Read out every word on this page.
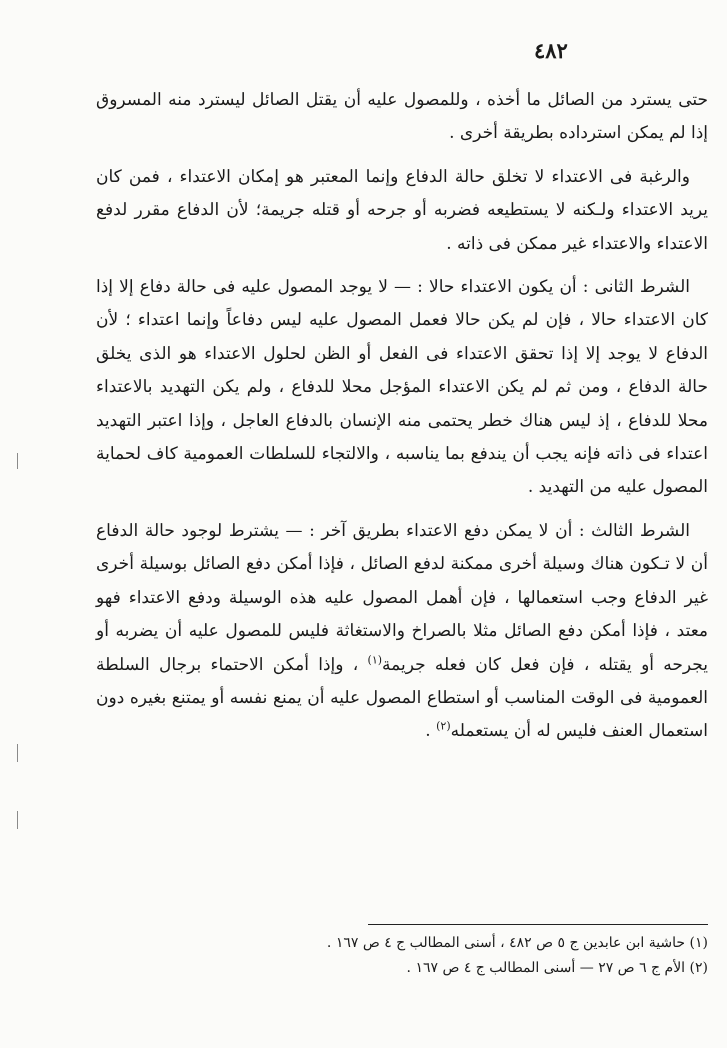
٤٨٢

حتى يسترد من الصائل ما أخذه ، وللمصول عليه أن يقتل الصائل ليسترد منه المسروق إذا لم يمكن استرداده بطريقة أخرى .

والرغبة فى الاعتداء لا تخلق حالة الدفاع وإنما المعتبر هو إمكان الاعتداء ، فمن كان يريد الاعتداء ولـكنه لا يستطيعه فضربه أو جرحه أو قتله جريمة؛ لأن الدفاع مقرر لدفع الاعتداء والاعتداء غير ممكن فى ذاته .

الشرط الثانى : أن يكون الاعتداء حالا : — لا يوجد المصول عليه فى حالة دفاع إلا إذا كان الاعتداء حالا ، فإن لم يكن حالا فعمل المصول عليه ليس دفاعاً وإنما اعتداء ؛ لأن الدفاع لا يوجد إلا إذا تحقق الاعتداء فى الفعل أو الظن لحلول الاعتداء هو الذى يخلق حالة الدفاع ، ومن ثم لم يكن الاعتداء المؤجل محلا للدفاع ، ولم يكن التهديد بالاعتداء محلا للدفاع ، إذ ليس هناك خطر يحتمى منه الإنسان بالدفاع العاجل ، وإذا اعتبر التهديد اعتداء فى ذاته فإنه يجب أن يندفع بما يناسبه ، والالتجاء للسلطات العمومية كاف لحماية المصول عليه من التهديد .

الشرط الثالث : أن لا يمكن دفع الاعتداء بطريق آخر : — يشترط لوجود حالة الدفاع أن لا تـكون هناك وسيلة أخرى ممكنة لدفع الصائل ، فإذا أمكن دفع الصائل بوسيلة أخرى غير الدفاع وجب استعمالها ، فإن أهمل المصول عليه هذه الوسيلة ودفع الاعتداء فهو معتد ، فإذا أمكن دفع الصائل مثلا بالصراخ والاستغاثة فليس للمصول عليه أن يضربه أو يجرحه أو يقتله ، فإن فعل كان فعله جريمة$^{(١)}$ ، وإذا أمكن الاحتماء برجال السلطة العمومية فى الوقت المناسب أو استطاع المصول عليه أن يمنع نفسه أو يمتنع بغيره دون استعمال العنف فليس له أن يستعمله$^{(٢)}$ .

(١) حاشية ابن عابدين ج ٥ ص ٤٨٢ ، أسنى المطالب ج ٤ ص ١٦٧ .

(٢) الأم ج ٦ ص ٢٧ — أسنى المطالب ج ٤ ص ١٦٧ .
